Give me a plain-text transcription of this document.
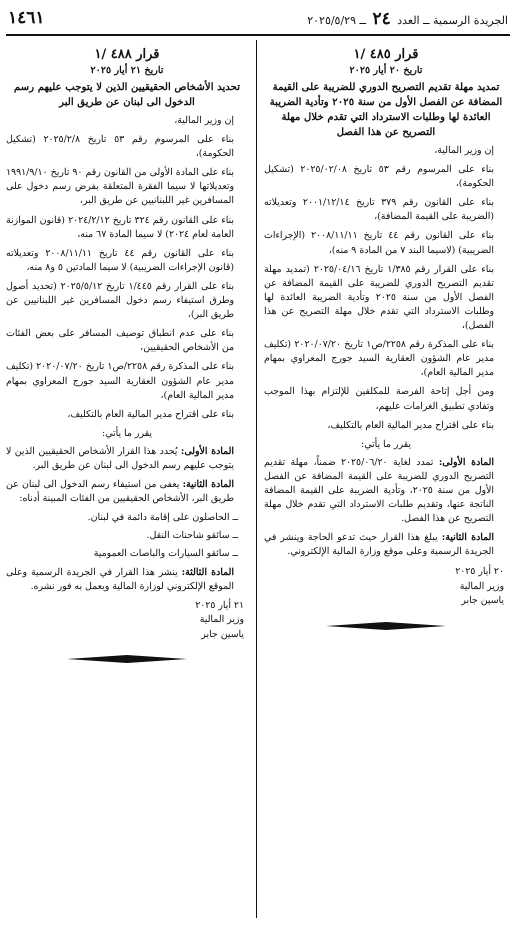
١٤٦١	الجريدة الرسمية ــ العدد ٢٤ ــ ٢٠٢٥/٥/٢٩
قرار ٤٨٥ /١
تاريخ ٢٠ أيار ٢٠٢٥
تمديد مهلة تقديم التصريح الدوري للضريبة على القيمة المضافة عن الفصل الأول من سنة ٢٠٢٥ وتأدية الضريبة العائدة لها وطلبات الاسترداد التي تقدم خلال مهلة التصريح عن هذا الفصل

إن وزير المالية،

بناء على المرسوم رقم ٥٣ تاريخ ٢٠٢٥/٠٢/٠٨ (تشكيل الحكومة)،

بناء على القانون رقم ٣٧٩ تاريخ ٢٠٠١/١٢/١٤ وتعديلاته (الضريبة على القيمة المضافة)،

بناء على القانون رقم ٤٤ تاريخ ٢٠٠٨/١١/١١ (الإجراءات الضريبية) (لاسيما البند ٧ من المادة ٩ منه)،

بناء على القرار رقم ١/٣٨٥ تاريخ ٢٠٢٥/٠٤/١٦ (تمديد مهلة تقديم التصريح الدوري للضريبة على القيمة المضافة عن الفصل الأول من سنة ٢٠٢٥ وتأدية الضريبة العائدة لها وطلبات الاسترداد التي تقدم خلال مهلة التصريح عن هذا الفصل)،

بناء على المذكرة رقم ٢٢٥٨/ص١ تاريخ ٢٠٢٠/٠٧/٢٠ (تكليف مدير عام الشؤون العقارية السيد جورج المعراوي بمهام مدير المالية العام)،

ومن أجل إتاحة الفرصة للمكلفين للإلتزام بهذا الموجب وتفادي تطبيق الغرامات عليهم،

بناء على اقتراح مدير المالية العام بالتكليف،

يقرر ما يأتي:

المادة الأولى: تمدد لغاية ٢٠٢٥/٠٦/٢٠ ضمناً، مهلة تقديم التصريح الدوري للضريبة على القيمة المضافة عن الفصل الأول من سنة ٢٠٢٥، وتأدية الضريبة على القيمة المضافة الناتجة عنها، وتقديم طلبات الاسترداد التي تقدم خلال مهلة التصريح عن هذا الفصل.

المادة الثانية: يبلغ هذا القرار حيث تدعو الحاجة وينشر في الجريدة الرسمية وعلى موقع وزارة المالية الإلكتروني.

٢٠ أيار ٢٠٢٥

وزير المالية

ياسين جابر

قرار ٤٨٨ /١
تاريخ ٢١ أيار ٢٠٢٥
تحديد الأشخاص الحقيقيين الذين لا يتوجب عليهم رسم الدخول الى لبنان عن طريق البر

إن وزير المالية،

بناء على المرسوم رقم ٥٣ تاريخ ٢٠٢٥/٢/٨ (تشكيل الحكومة)،

بناء على المادة الأولى من القانون رقم ٩٠ تاريخ ١٩٩١/٩/١٠ وتعديلاتها لا سيما الفقرة المتعلقة بفرض رسم دخول على المسافرين غير اللبنانيين عن طريق البر،

بناء على القانون رقم ٣٢٤ تاريخ ٢٠٢٤/٢/١٢ (قانون الموازنة العامة لعام ٢٠٢٤) لا سيما المادة ٦٧ منه،

بناء على القانون رقم ٤٤ تاريخ ٢٠٠٨/١١/١١ وتعديلاته (قانون الإجراءات الضريبية) لا سيما المادتين ٥ و٨ منه،

بناء على القرار رقم ١/٤٤٥ تاريخ ٢٠٢٥/٥/١٢ (تحديد أصول وطرق استيفاء رسم دخول المسافرين غير اللبنانيين عن طريق البر)،

بناء على عدم انطباق توصيف المسافر على بعض الفئات من الأشخاص الحقيقيين،

بناء على المذكرة رقم ٢٢٥٨/ص١ تاريخ ٢٠٢٠/٠٧/٢٠ (تكليف مدير عام الشؤون العقارية السيد جورج المعراوي بمهام مدير المالية العام)،

بناء على اقتراح مدير المالية العام بالتكليف،

يقرر ما يأتي:

المادة الأولى: يُحدد هذا القرار الأشخاص الحقيقيين الذين لا يتوجب عليهم رسم الدخول الى لبنان عن طريق البر.

المادة الثانية: يعفى من استيفاء رسم الدخول الى لبنان عن طريق البر، الأشخاص الحقيقيين من الفئات المبينة أدناه:

ــ الحاصلون على إقامة دائمة في لبنان.

ــ سائقو شاحنات النقل.

ــ سائقو السيارات والباصات العمومية

المادة الثالثة: ينشر هذا القرار في الجريدة الرسمية وعلى الموقع الإلكتروني لوزارة المالية ويعمل به فور نشره.

٢١ أيار ٢٠٢٥

وزير المالية

ياسين جابر
